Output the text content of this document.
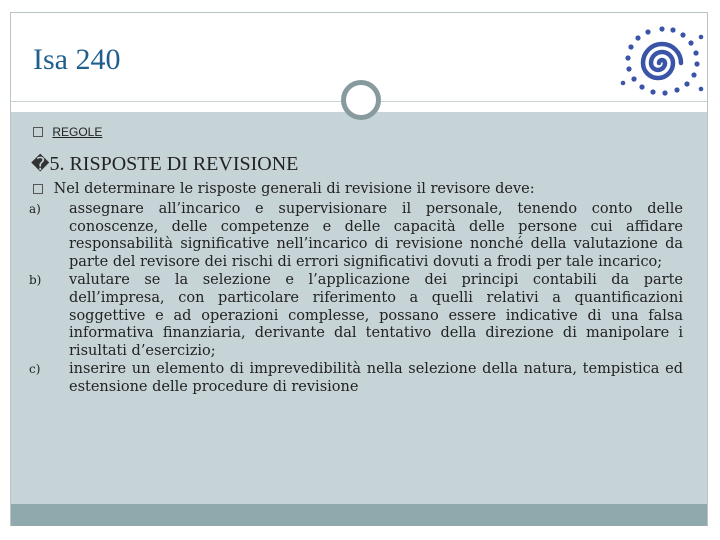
Isa 240
REGOLE
�5. RISPOSTE DI REVISIONE
Nel determinare le risposte generali di revisione il revisore deve:
a)	assegnare all’incarico e supervisionare il personale, tenendo conto delle conoscenze, delle competenze e delle capacità delle persone cui affidare responsabilità significative nell’incarico di revisione nonché della valutazione da parte del revisore dei rischi di errori significativi dovuti a frodi per tale incarico;
b)	valutare se la selezione e l’applicazione dei principi contabili da parte dell’impresa, con particolare riferimento a quelli relativi a quantificazioni soggettive e ad operazioni complesse, possano essere indicative di una falsa informativa finanziaria, derivante dal tentativo della direzione di manipolare i risultati d’esercizio;
c)	inserire un elemento di imprevedibilità nella selezione della natura, tempistica ed estensione delle procedure di revisione
